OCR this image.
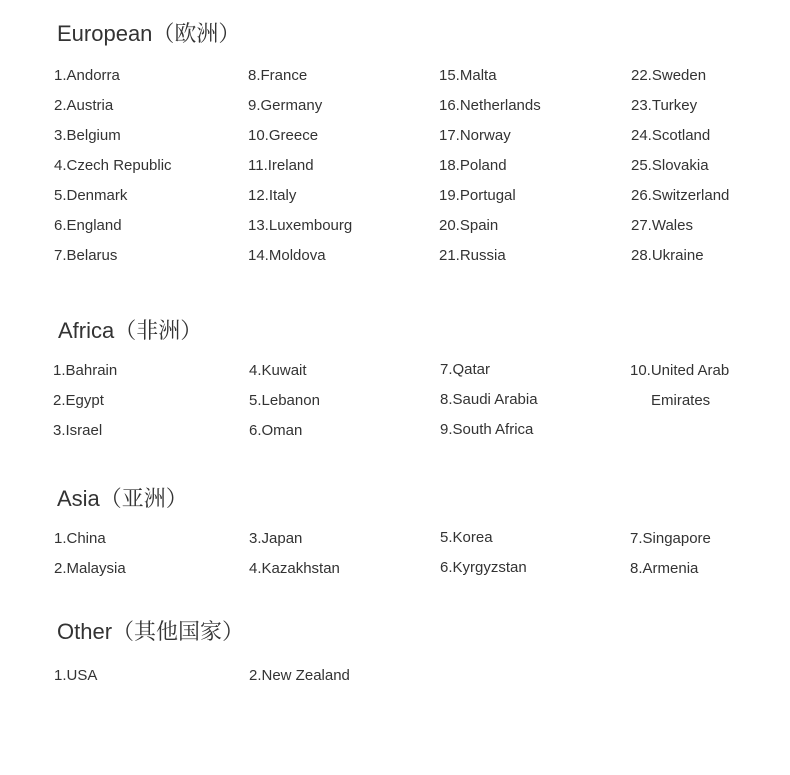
European（欧洲）
1.Andorra
2.Austria
3.Belgium
4.Czech Republic
5.Denmark
6.England
7.Belarus
8.France
9.Germany
10.Greece
11.Ireland
12.Italy
13.Luxembourg
14.Moldova
15.Malta
16.Netherlands
17.Norway
18.Poland
19.Portugal
20.Spain
21.Russia
22.Sweden
23.Turkey
24.Scotland
25.Slovakia
26.Switzerland
27.Wales
28.Ukraine
Africa（非洲）
1.Bahrain
2.Egypt
3.Israel
4.Kuwait
5.Lebanon
6.Oman
7.Qatar
8.Saudi Arabia
9.South Africa
10.United Arab
Emirates
Asia（亚洲）
1.China
2.Malaysia
3.Japan
4.Kazakhstan
5.Korea
6.Kyrgyzstan
7.Singapore
8.Armenia
Other（其他国家）
1.USA	2.New Zealand
